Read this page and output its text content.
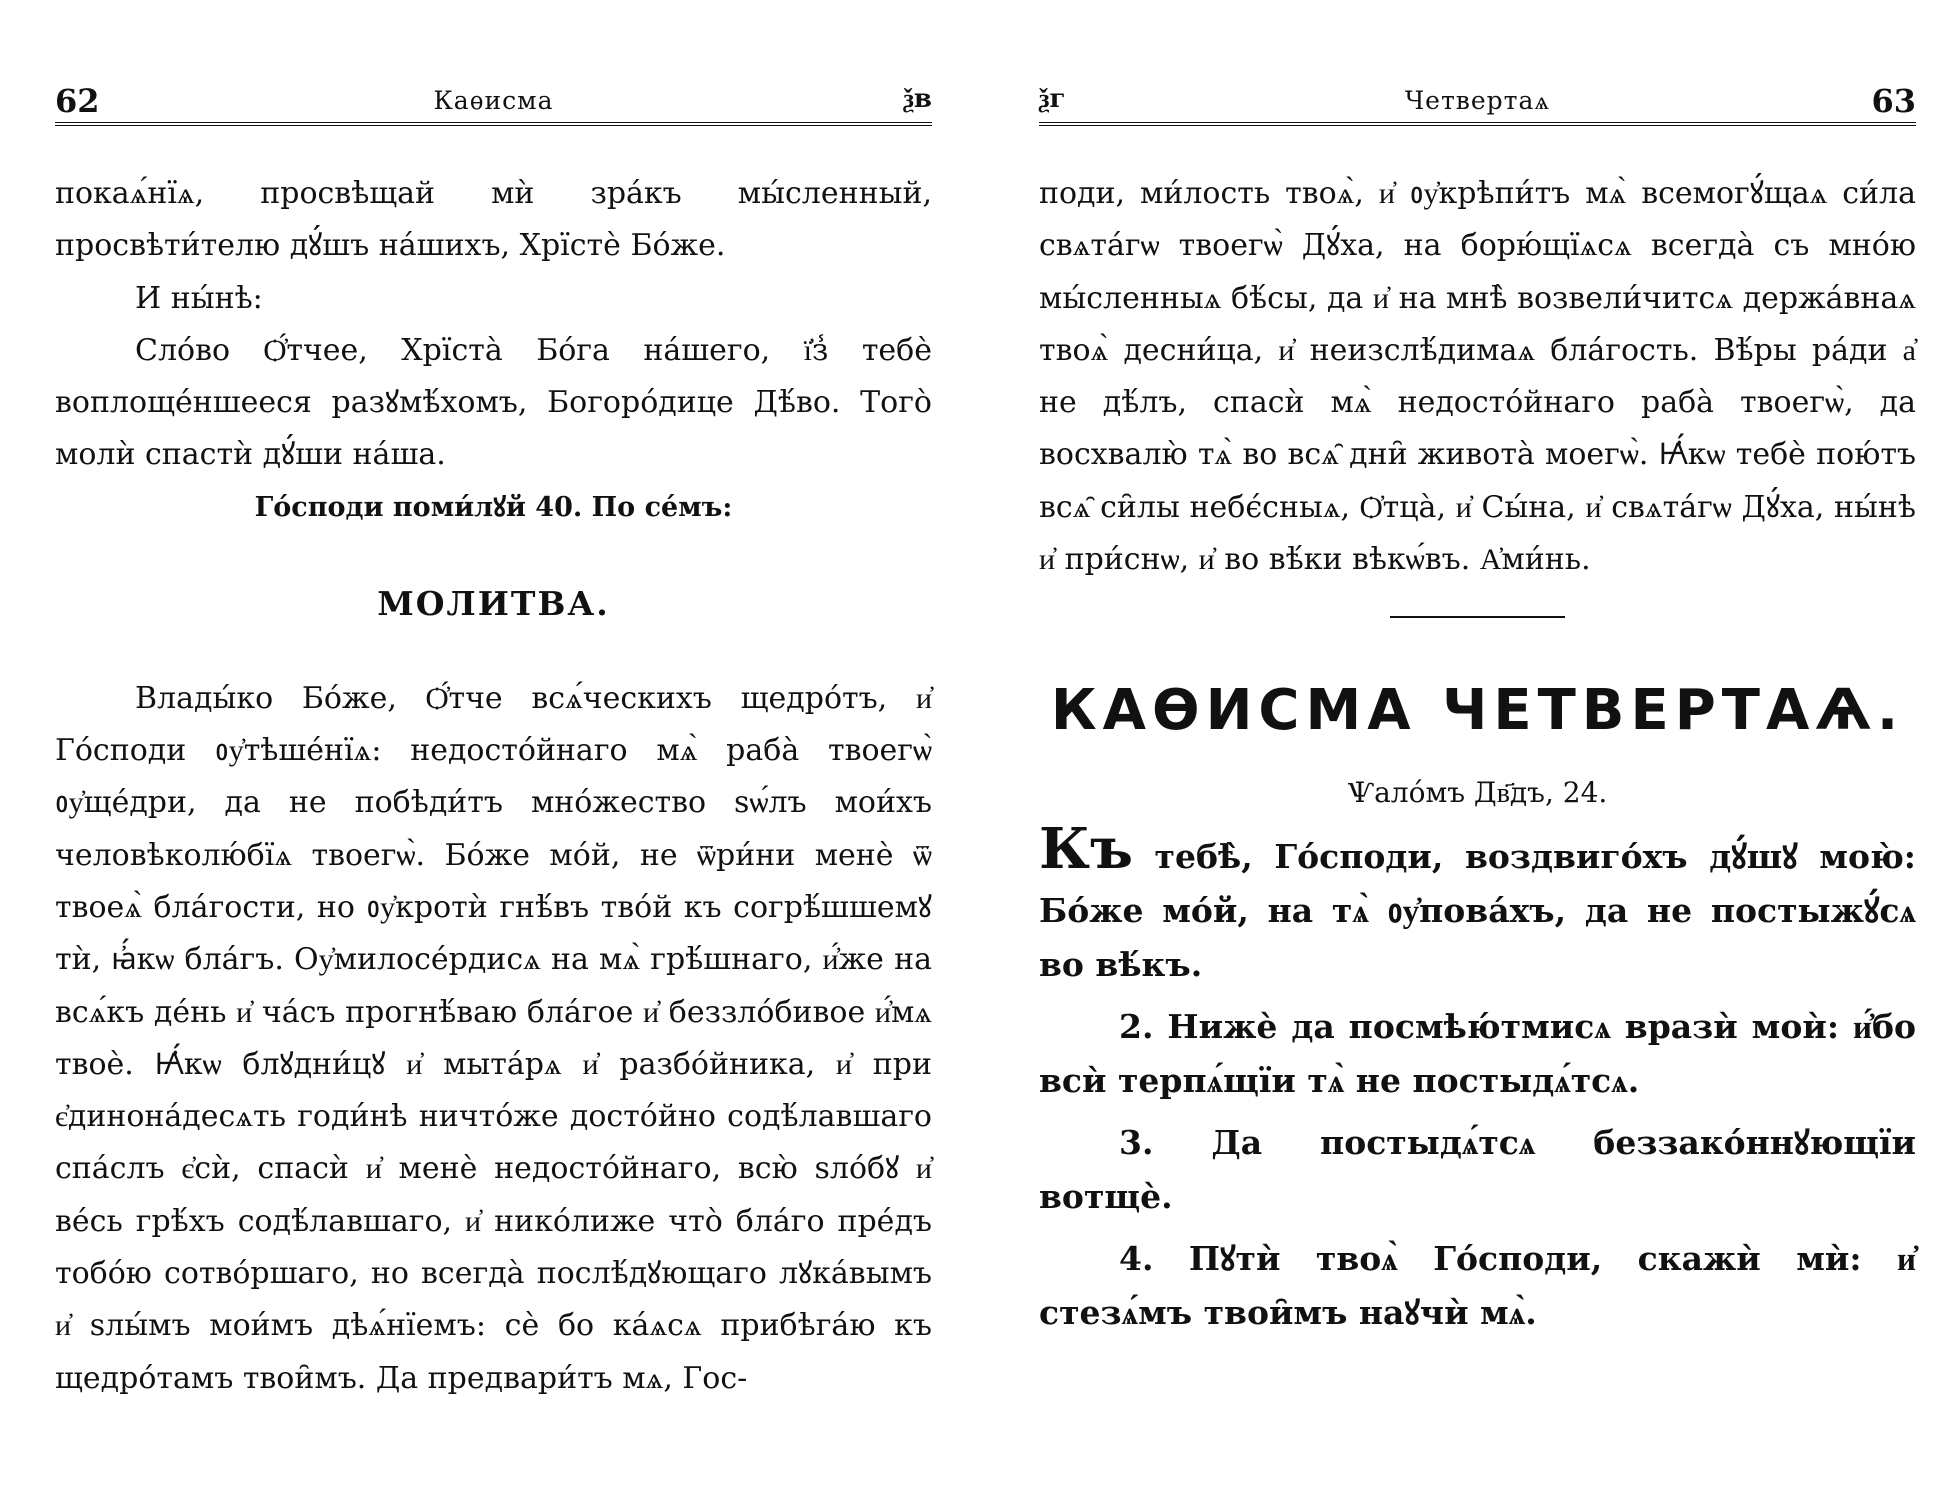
62	Каѳисма	ѯв

покаѧ́нїѧ, просвѣщай мѝ зра́къ мы́сленный, просвѣти́телю дꙋ́шъ на́шихъ, Хрїстѐ Бо́же.

И ны́нѣ:

Сло́во Ѻ҆́тчее, Хрїста̀ Бо́га на́шего, ї҆з̾ тебѐ воплоще́ншееся разꙋмѣ́хомъ, Богоро́дице Дѣ́во. Того̀ молѝ спастѝ дꙋ́ши на́ша.

Го́споди поми́лꙋй 40. По се́мъ:

МОЛИТВА.

Влады́ко Бо́же, Ѻ҆́тче всѧ́ческихъ щедро́тъ, и҆ Го́споди ᲂу҆тѣше́нїѧ: недосто́йнаго мѧ̀ раба̀ твоегѡ̀ ᲂу҆ще́дри, да не побѣди́тъ мно́жество ѕѡ́лъ мои́хъ человѣколю́бїѧ твоегѡ̀. Бо́же мо́й, не ѿри́ни менѐ ѿ твоеѧ̀ бла́гости, но ᲂу҆кротѝ гнѣ́въ тво́й къ согрѣ́шшемꙋ тѝ, ꙗ҆́кѡ бла́гъ. Оу҆милосе́рдисѧ на мѧ̀ грѣ́шнаго, и҆́же на всѧ́къ де́нь и҆ ча́съ прогнѣ́ваю бла́гое и҆ беззло́бивое и҆́мѧ твоѐ. Ꙗ҆́кѡ блꙋдни́цꙋ и҆ мыта́рѧ и҆ разбо́йника, и҆ при є҆динона́десѧть годи́нѣ ничто́же досто́йно содѣ́лавшаго спа́слъ є҆сѝ, спасѝ и҆ менѐ недосто́йнаго, всю̀ ѕло́бꙋ и҆ ве́сь грѣ́хъ содѣ́лавшаго, и҆ нико́лиже что̀ бла́го пре́дъ тобо́ю сотво́ршаго, но всегда̀ послѣ́дꙋющаго лꙋка́вымъ и҆ ѕлы́мъ мои́мъ дѣѧ́нїемъ: сѐ бо ка́ѧсѧ прибѣга́ю къ щедро́тамъ твои̑мъ. Да предвари́тъ мѧ, Гос-

ѯг	Четвертаѧ	63

поди, ми́лость твоѧ̀, и҆ ᲂу҆крѣпи́тъ мѧ̀ всемогꙋ́щаѧ си́ла свѧта́гѡ твоегѡ̀ Дꙋ́ха, на борю́щїѧсѧ всегда̀ съ мно́ю мы́сленныѧ бѣ́сы, да и҆ на мнѣ̀ возвели́читсѧ держа́внаѧ твоѧ̀ десни́ца, и҆ неизслѣ́димаѧ бла́гость. Вѣ́ры ра́ди а҆ не дѣ́лъ, спасѝ мѧ̀ недосто́йнаго раба̀ твоегѡ̀, да восхвалю̀ тѧ̀ во всѧ̑ дни̑ живота̀ моегѡ̀. Ꙗ҆́кѡ тебѐ пою́тъ всѧ̑ си̑лы небє́сныѧ, Ѻ҆тца̀, и҆ Сы́на, и҆ свѧта́гѡ Дꙋ́ха, ны́нѣ и҆ при́снѡ, и҆ во вѣ́ки вѣкѡ́въ. А҆ми́нь.

КАѲИСМА ЧЕТВЕРТАѦ.

Ѱало́мъ Дв҃дъ, 24.

Къ тебѣ̀, Го́споди, воздвиго́хъ дꙋ́шꙋ мою̀: Бо́же мо́й, на тѧ̀ ᲂу҆пова́хъ, да не постыжꙋ́сѧ во вѣ́къ.

2. Нижѐ да посмѣю́тмисѧ вразѝ моѝ: и҆́бо всѝ терпѧ́щїи тѧ̀ не постыдѧ́тсѧ.

3. Да постыдѧ́тсѧ беззако́ннꙋющїи вотщѐ.

4. Пꙋтѝ твоѧ̀ Го́споди, скажѝ мѝ: и҆ стезѧ́мъ твои̑мъ наꙋчѝ мѧ̀.
